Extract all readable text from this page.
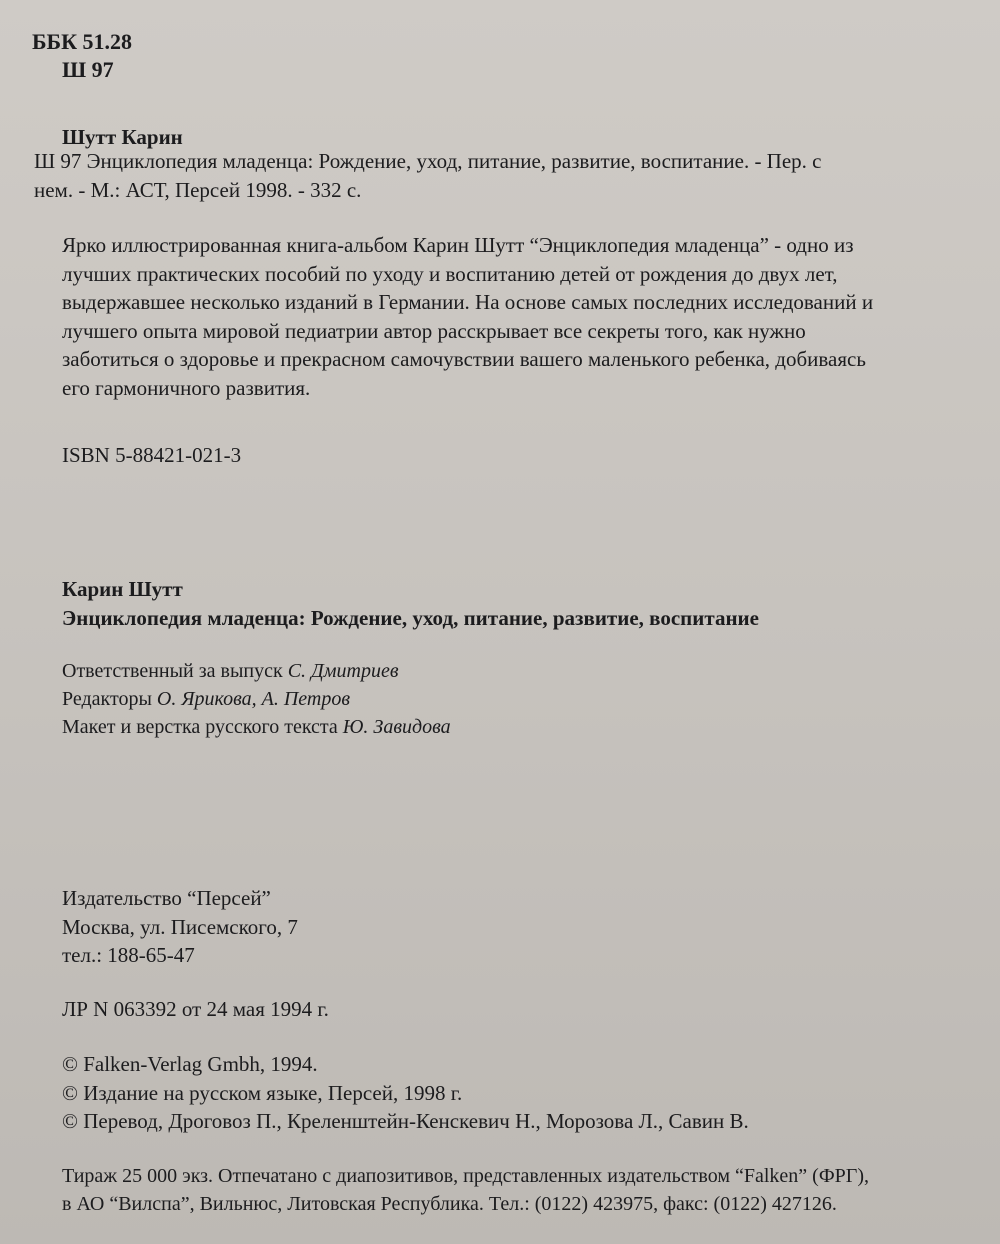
ББК 51.28
Ш 97
Шутт Карин
Ш 97 Энциклопедия младенца: Рождение, уход, питание, развитие, воспитание. - Пер. с
нем. - М.: АСТ, Персей 1998. - 332 с.
Ярко иллюстрированная книга-альбом Карин Шутт “Энциклопедия младенца” - одно из
лучших практических пособий по уходу и воспитанию детей от рождения до двух лет,
выдержавшее несколько изданий в Германии. На основе самых последних исследований и
лучшего опыта мировой педиатрии автор расскрывает все секреты того, как нужно
заботиться о здоровье и прекрасном самочувствии вашего маленького ребенка, добиваясь
его гармоничного развития.
ISBN 5-88421-021-3
Карин Шутт
Энциклопедия младенца: Рождение, уход, питание, развитие, воспитание
Ответственный за выпуск С. Дмитриев
Редакторы О. Ярикова, А. Петров
Макет и верстка русского текста Ю. Завидова
Издательство “Персей”
Москва, ул. Писемского, 7
тел.: 188-65-47
ЛР N 063392 от 24 мая 1994 г.
© Falken-Verlag Gmbh, 1994.
© Издание на русском языке, Персей, 1998 г.
© Перевод, Дроговоз П., Креленштейн-Кенскевич Н., Морозова Л., Савин В.
Тираж 25 000 экз. Отпечатано с диапозитивов, представленных издательством “Falken” (ФРГ),
в АО “Вилспа”, Вильнюс, Литовская Республика. Тел.: (0122) 423975, факс: (0122) 427126.
